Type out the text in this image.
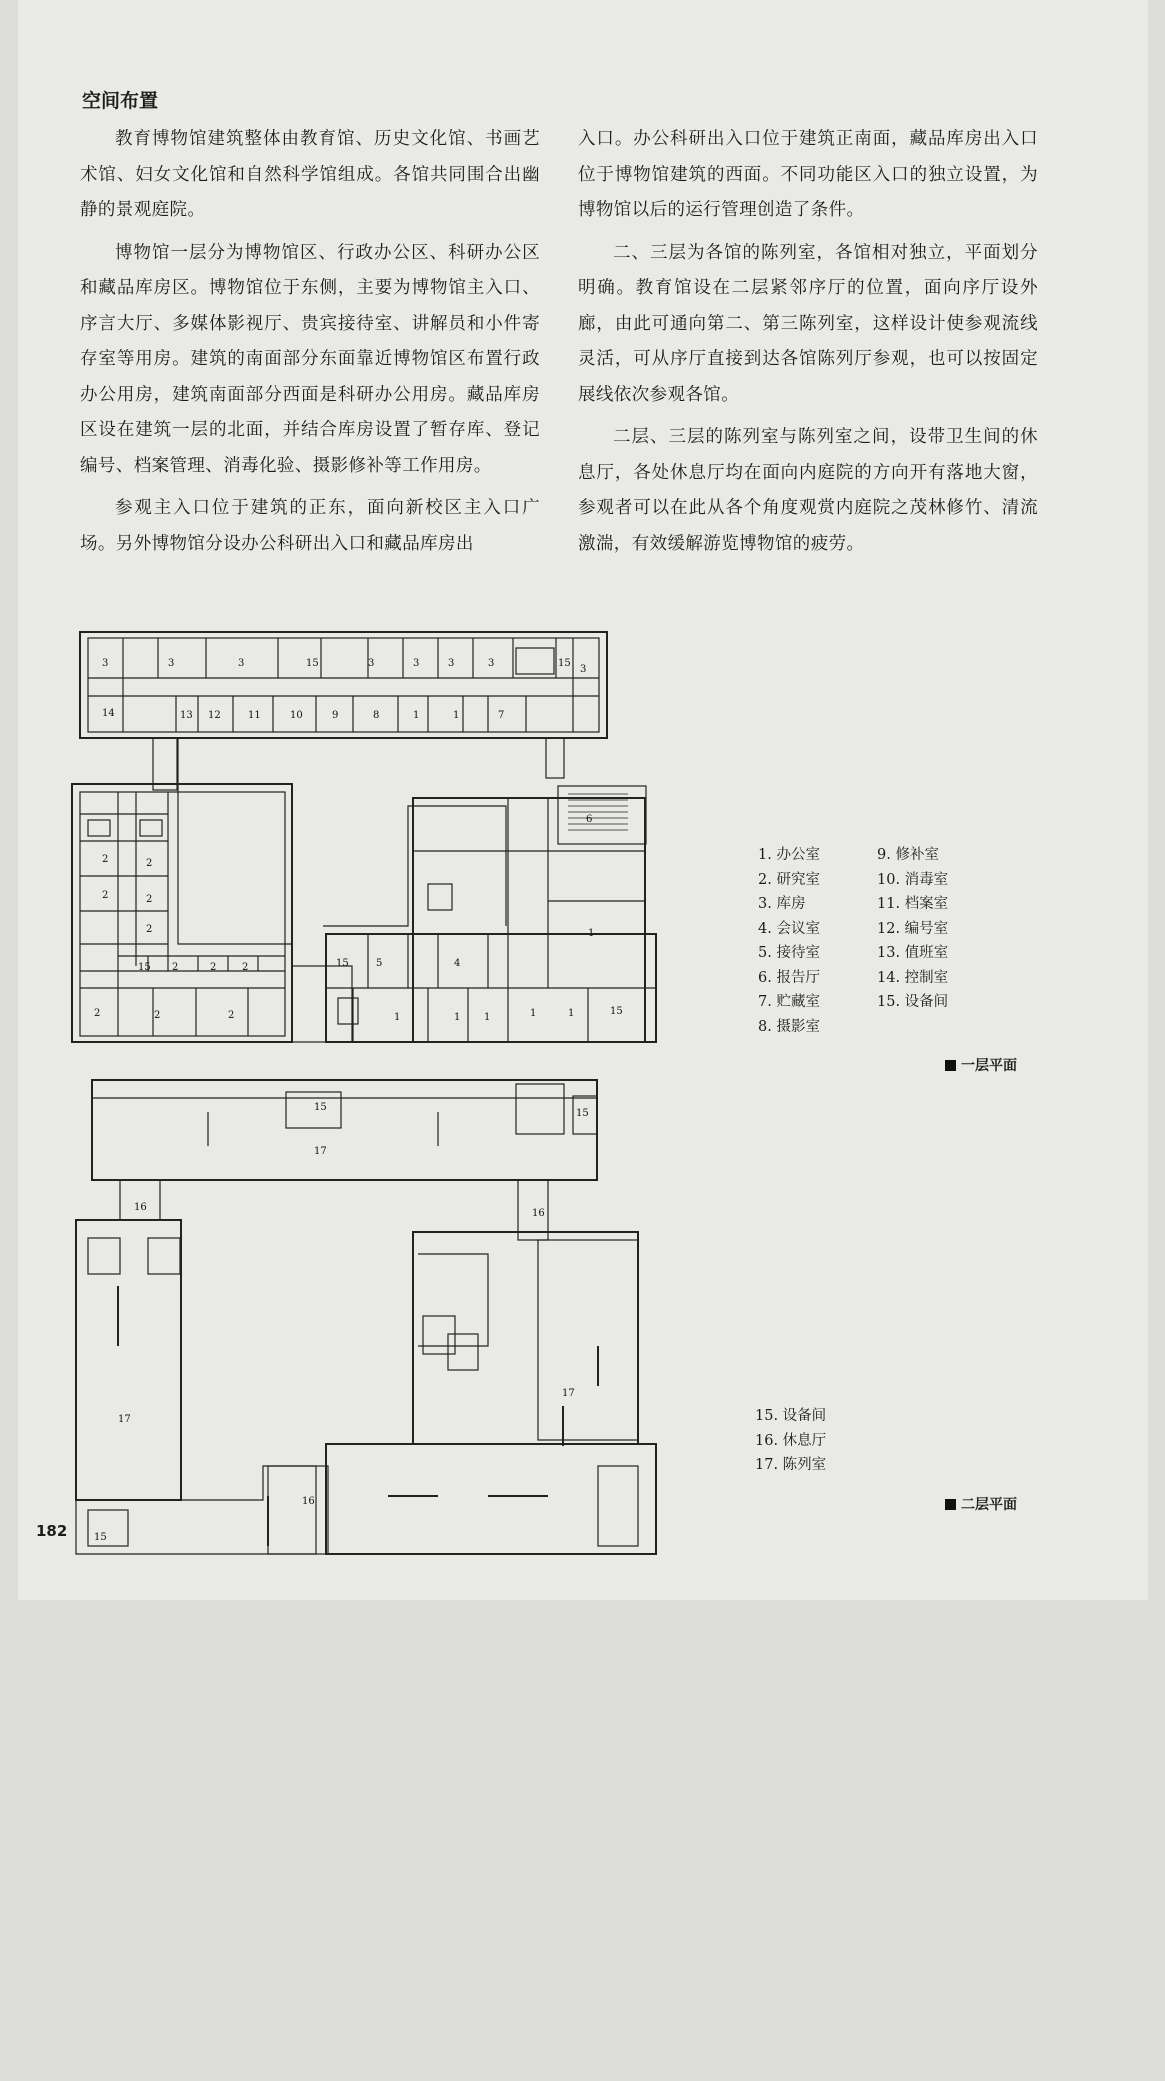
空间布置

教育博物馆建筑整体由教育馆、历史文化馆、书画艺术馆、妇女文化馆和自然科学馆组成。各馆共同围合出幽静的景观庭院。

博物馆一层分为博物馆区、行政办公区、科研办公区和藏品库房区。博物馆位于东侧，主要为博物馆主入口、序言大厅、多媒体影视厅、贵宾接待室、讲解员和小件寄存室等用房。建筑的南面部分东面靠近博物馆区布置行政办公用房，建筑南面部分西面是科研办公用房。藏品库房区设在建筑一层的北面，并结合库房设置了暂存库、登记编号、档案管理、消毒化验、摄影修补等工作用房。

参观主入口位于建筑的正东，面向新校区主入口广场。另外博物馆分设办公科研出入口和藏品库房出

入口。办公科研出入口位于建筑正南面，藏品库房出入口位于博物馆建筑的西面。不同功能区入口的独立设置，为博物馆以后的运行管理创造了条件。

二、三层为各馆的陈列室，各馆相对独立，平面划分明确。教育馆设在二层紧邻序厅的位置，面向序厅设外廊，由此可通向第二、第三陈列室，这样设计使参观流线灵活，可从序厅直接到达各馆陈列厅参观，也可以按固定展线依次参观各馆。

二层、三层的陈列室与陈列室之间，设带卫生间的休息厅，各处休息厅均在面向内庭院的方向开有落地大窗，参观者可以在此从各个角度观赏内庭院之茂林修竹、清流激湍，有效缓解游览博物馆的疲劳。

3	3	3	15	3	3	3	3	15
3
14	13 12	11	10	9	8	1	1	7
6
2	2
2	2
2
15 2	2	2
2	2	2
1
15	5	4
1	1 1	1	1	15
15
15
17
16
16
17
17
15
16
1. 办公室
2. 研究室
3. 库房
4. 会议室
5. 接待室
6. 报告厅
7. 贮藏室
8. 摄影室
9. 修补室
10. 消毒室
11. 档案室
12. 编号室
13. 值班室
14. 控制室
15. 设备间
一层平面
15. 设备间
16. 休息厅
17. 陈列室
二层平面
182
